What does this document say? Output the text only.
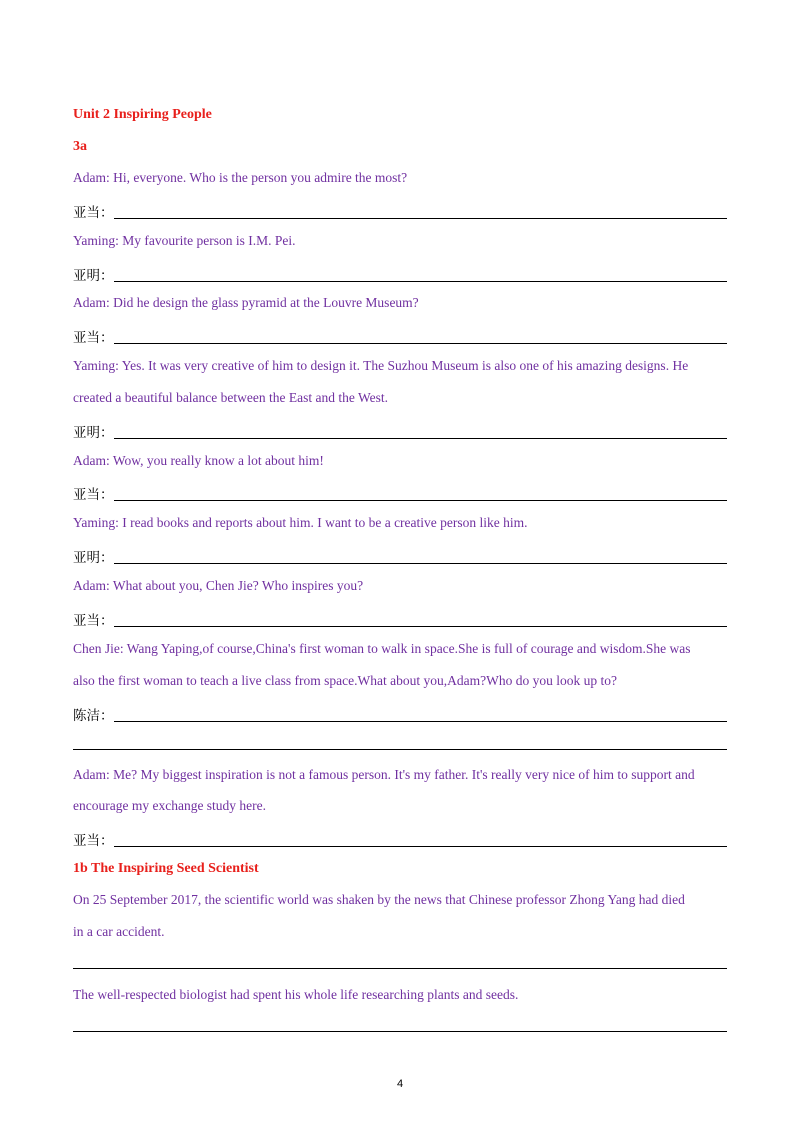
Unit 2 Inspiring People
3a
Adam: Hi, everyone. Who is the person you admire the most?
亚当：
Yaming: My favourite person is I.M. Pei.
亚明：
Adam: Did he design the glass pyramid at the Louvre Museum?
亚当：
Yaming: Yes. It was very creative of him to design it. The Suzhou Museum is also one of his amazing designs. He
created a beautiful balance between the East and the West.
亚明：
Adam: Wow, you really know a lot about him!
亚当：
Yaming: I read books and reports about him. I want to be a creative person like him.
亚明：
Adam: What about you, Chen Jie? Who inspires you?
亚当：
Chen Jie: Wang Yaping,of course,China's first woman to walk in space.She is full of courage and wisdom.She was
also the first woman to teach a live class from space.What about you,Adam?Who do you look up to?
陈洁：
Adam: Me? My biggest inspiration is not a famous person. It's my father. It's really very nice of him to support and
encourage my exchange study here.
亚当：
1b The Inspiring Seed Scientist
On 25 September 2017, the scientific world was shaken by the news that Chinese professor Zhong Yang had died
in a car accident.
The well-respected biologist had spent his whole life researching plants and seeds.
4
